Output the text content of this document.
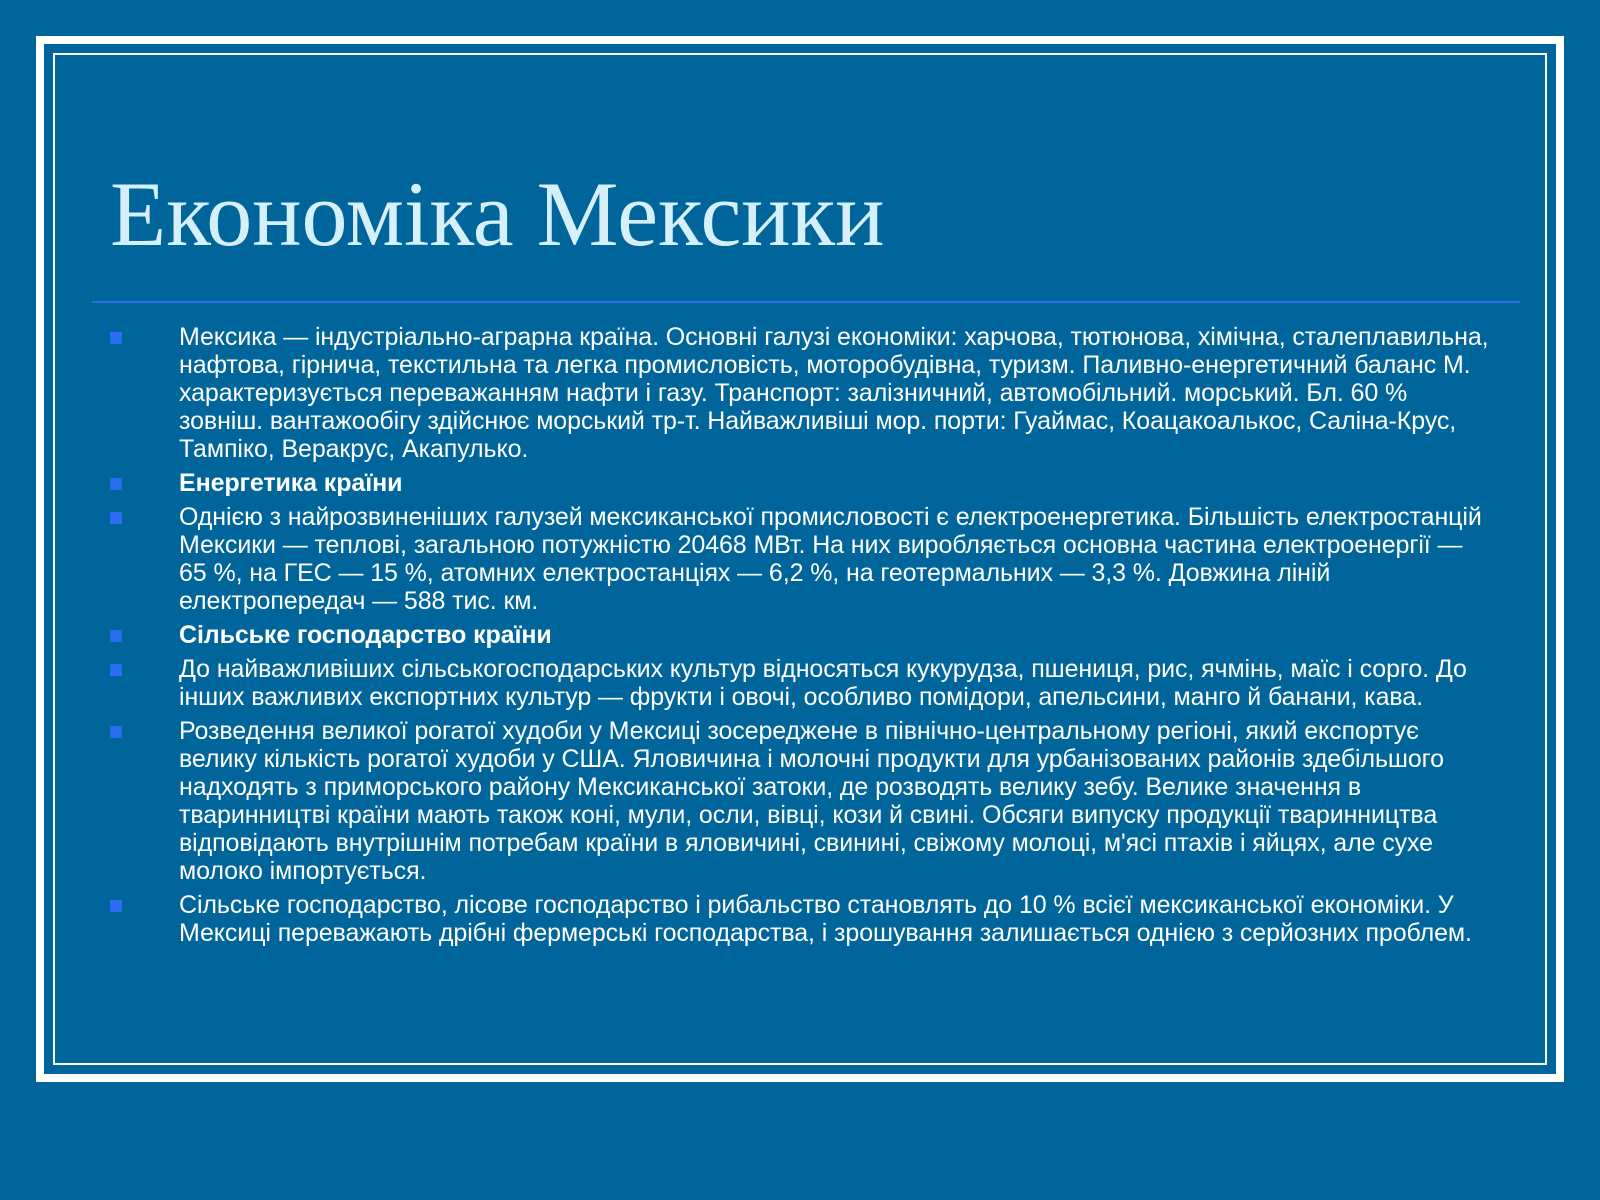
Економіка Мексики
Мексика — індустріально-аграрна країна. Основні галузі економіки: харчова, тютюнова, хімічна, сталеплавильна, нафтова, гірнича, текстильна та легка промисловість, моторобудівна, туризм. Паливно-енергетичний баланс М. характеризується переважанням нафти і газу. Транспорт: залізничний, автомобільний. морський. Бл. 60 % зовніш. вантажообігу здійснює морський тр-т. Найважливіші мор. порти: Гуаймас, Коацакоалькос, Саліна-Крус, Тампіко, Веракрус, Акапулько.
Енергетика країни
Однією з найрозвиненіших галузей мексиканської промисловості є електроенергетика. Більшість електростанцій Мексики — теплові, загальною потужністю 20468 МВт. На них виробляється основна частина електроенергії — 65 %, на ГЕС — 15 %, атомних електростанціях — 6,2 %, на геотермальних — 3,3 %. Довжина ліній електропередач — 588 тис. км.
Сільське господарство країни
До найважливіших сільськогосподарських культур відносяться кукурудза, пшениця, рис, ячмінь, маїс і сорго. До інших важливих експортних культур — фрукти і овочі, особливо помідори, апельсини, манго й банани, кава.
Розведення великої рогатої худоби у Мексиці зосереджене в північно-центральному регіоні, який експортує велику кількість рогатої худоби у США. Яловичина і молочні продукти для урбанізованих районів здебільшого надходять з приморського району Мексиканської затоки, де розводять велику зебу. Велике значення в тваринництві країни мають також коні, мули, осли, вівці, кози й свині. Обсяги випуску продукції тваринництва відповідають внутрішнім потребам країни в яловичині, свинині, свіжому молоці, м'ясі птахів і яйцях, але сухе молоко імпортується.
Сільське господарство, лісове господарство і рибальство становлять до 10 % всієї мексиканської економіки. У Мексиці переважають дрібні фермерські господарства, і зрошування залишається однією з серйозних проблем.
